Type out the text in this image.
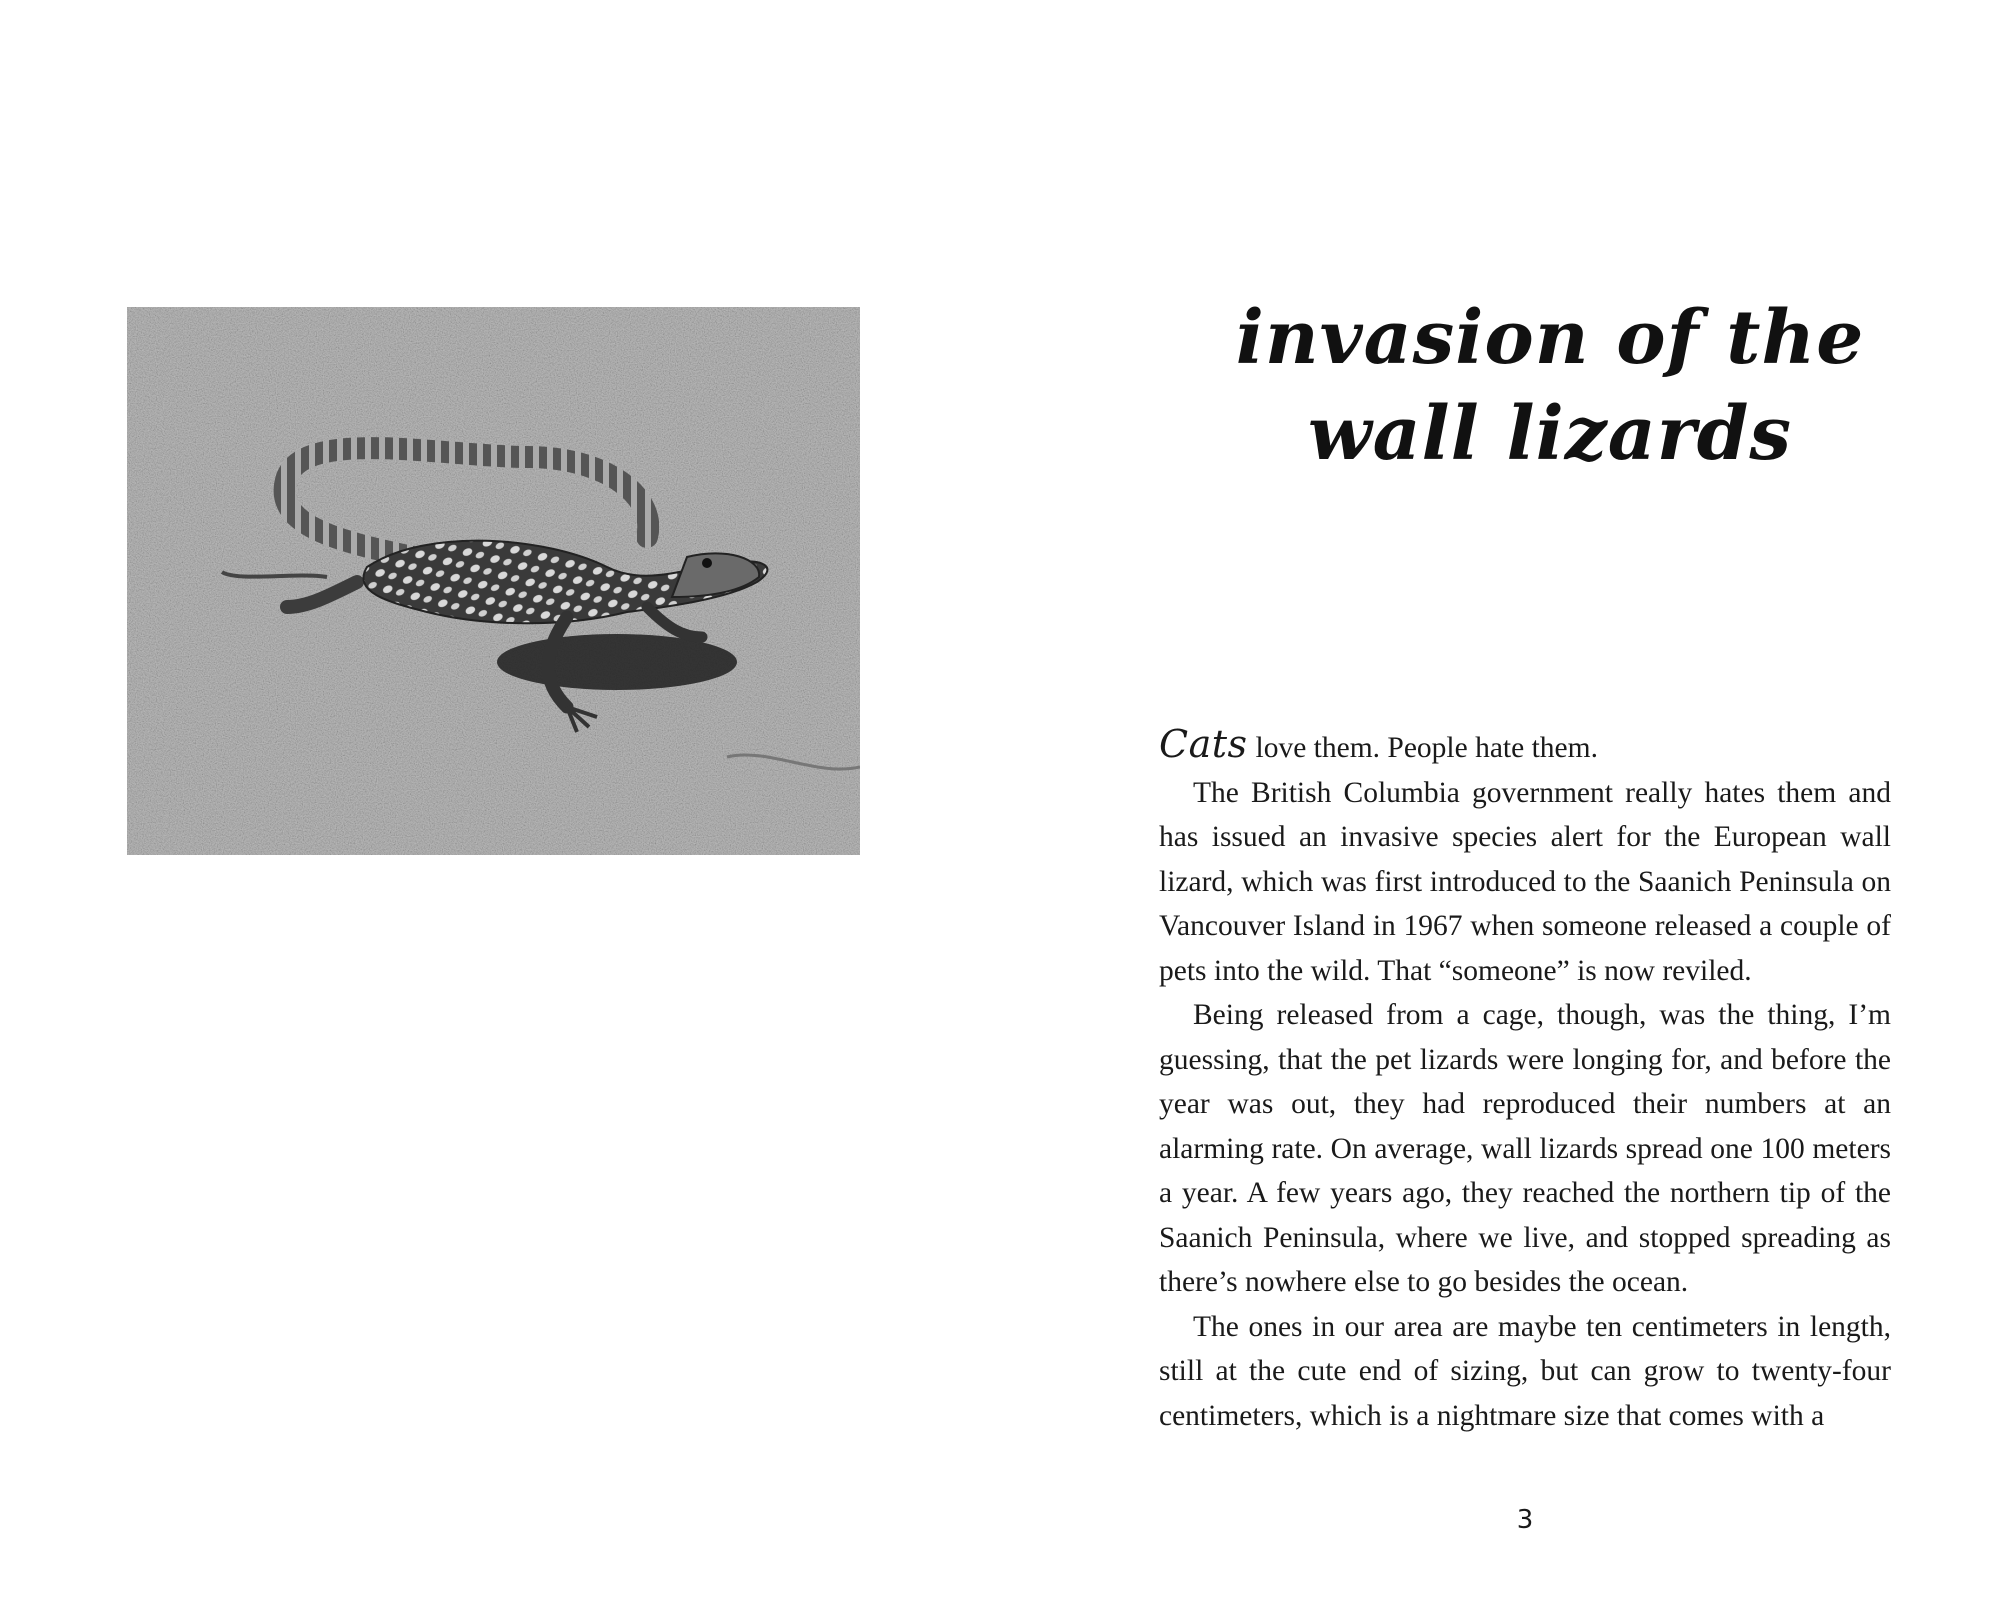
invasion of the
wall lizards

Cats love them. People hate them.

The British Columbia government really hates them and has issued an invasive species alert for the European wall lizard, which was first introduced to the Saanich Peninsula on Vancouver Island in 1967 when someone released a couple of pets into the wild. That “someone” is now reviled.

Being released from a cage, though, was the thing, I’m guessing, that the pet lizards were longing for, and before the year was out, they had reproduced their numbers at an alarming rate. On average, wall lizards spread one 100 meters a year. A few years ago, they reached the northern tip of the Saanich Peninsula, where we live, and stopped spreading as there’s nowhere else to go besides the ocean.

The ones in our area are maybe ten centimeters in length, still at the cute end of sizing, but can grow to twenty-four centimeters, which is a nightmare size that comes with a

3
